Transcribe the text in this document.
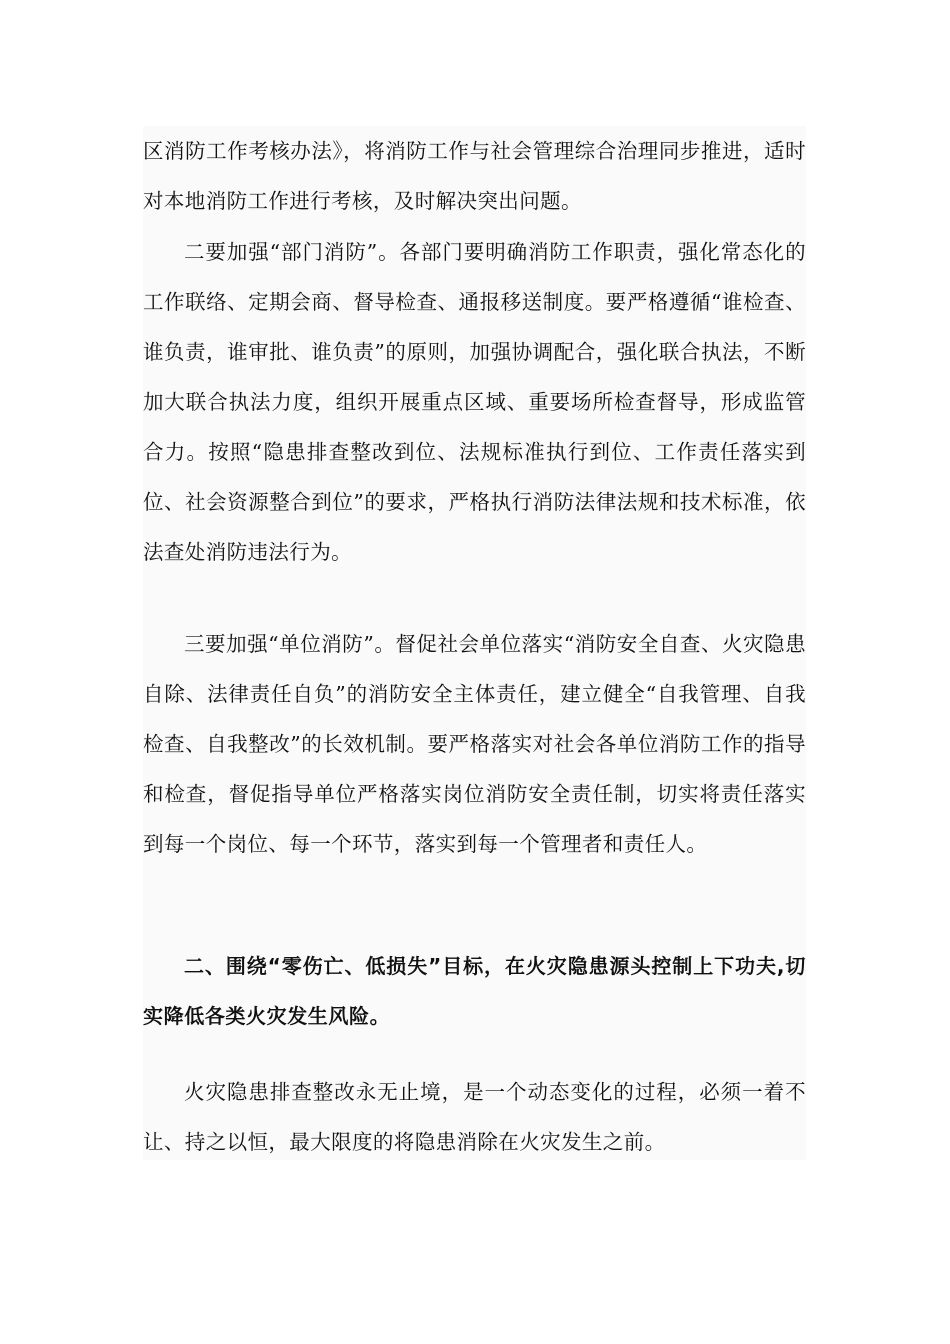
区消防工作考核办法》，将消防工作与社会管理综合治理同步推进，适时对本地消防工作进行考核，及时解决突出问题。

二要加强“部门消防”。各部门要明确消防工作职责，强化常态化的工作联络、定期会商、督导检查、通报移送制度。要严格遵循“谁检查、谁负责，谁审批、谁负责”的原则，加强协调配合，强化联合执法，不断加大联合执法力度，组织开展重点区域、重要场所检查督导，形成监管合力。按照“隐患排查整改到位、法规标准执行到位、工作责任落实到位、社会资源整合到位”的要求，严格执行消防法律法规和技术标准，依法查处消防违法行为。

三要加强“单位消防”。督促社会单位落实“消防安全自查、火灾隐患自除、法律责任自负”的消防安全主体责任，建立健全“自我管理、自我检查、自我整改”的长效机制。要严格落实对社会各单位消防工作的指导和检查，督促指导单位严格落实岗位消防安全责任制，切实将责任落实到每一个岗位、每一个环节，落实到每一个管理者和责任人。

二、围绕“零伤亡、低损失”目标，在火灾隐患源头控制上下功夫,切实降低各类火灾发生风险。

火灾隐患排查整改永无止境，是一个动态变化的过程，必须一着不让、持之以恒，最大限度的将隐患消除在火灾发生之前。
